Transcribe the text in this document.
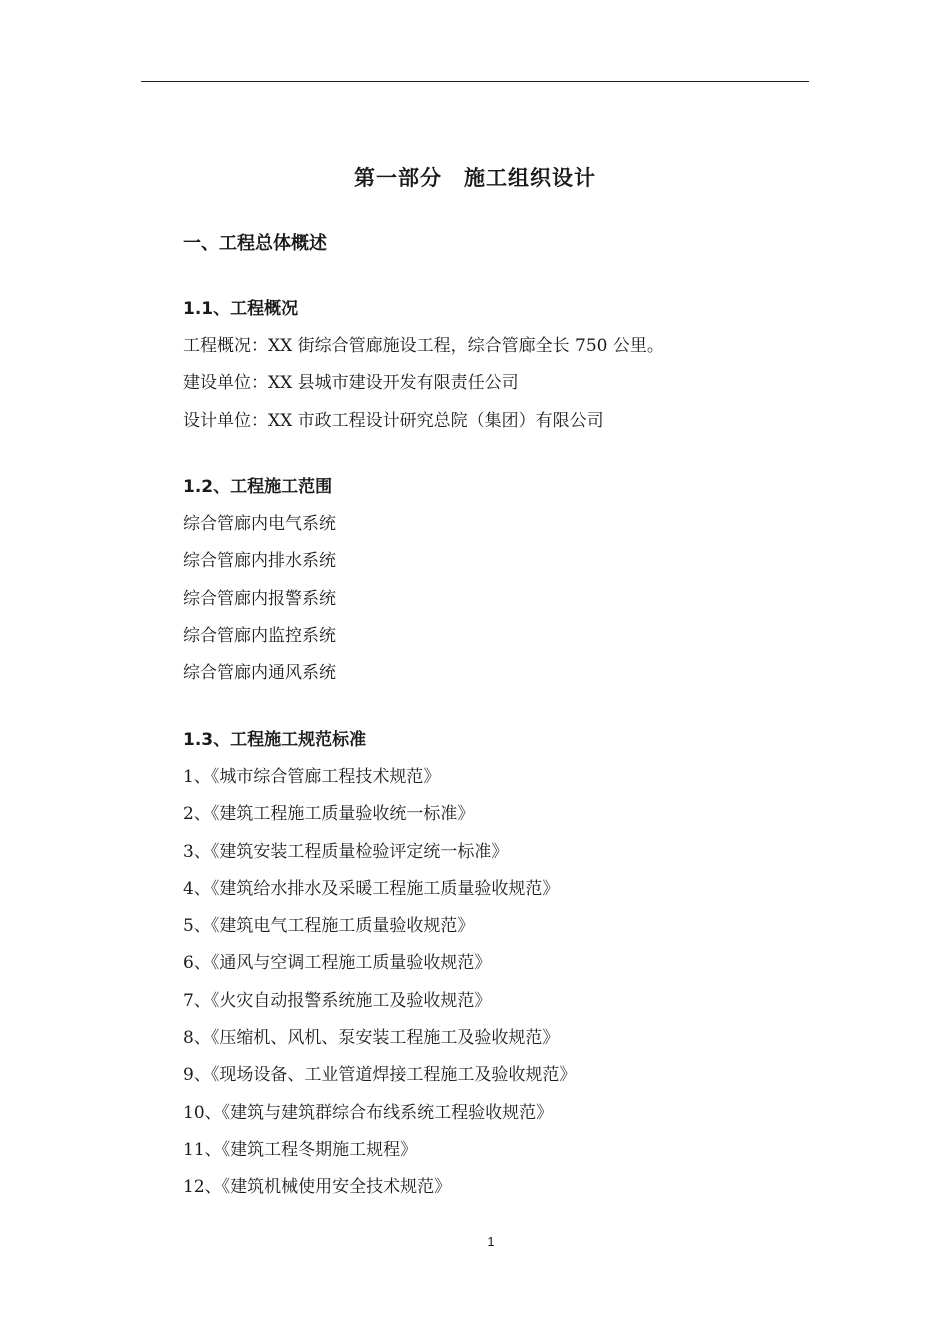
第一部分　施工组织设计
一、工程总体概述
1.1、工程概况
工程概况：XX 街综合管廊施设工程，综合管廊全长 750 公里。
建设单位：XX 县城市建设开发有限责任公司
设计单位：XX 市政工程设计研究总院（集团）有限公司
1.2、工程施工范围
综合管廊内电气系统
综合管廊内排水系统
综合管廊内报警系统
综合管廊内监控系统
综合管廊内通风系统
1.3、工程施工规范标准
1、《城市综合管廊工程技术规范》
2、《建筑工程施工质量验收统一标准》
3、《建筑安装工程质量检验评定统一标准》
4、《建筑给水排水及采暖工程施工质量验收规范》
5、《建筑电气工程施工质量验收规范》
6、《通风与空调工程施工质量验收规范》
7、《火灾自动报警系统施工及验收规范》
8、《压缩机、风机、泵安装工程施工及验收规范》
9、《现场设备、工业管道焊接工程施工及验收规范》
10、《建筑与建筑群综合布线系统工程验收规范》
11、《建筑工程冬期施工规程》
12、《建筑机械使用安全技术规范》
1
